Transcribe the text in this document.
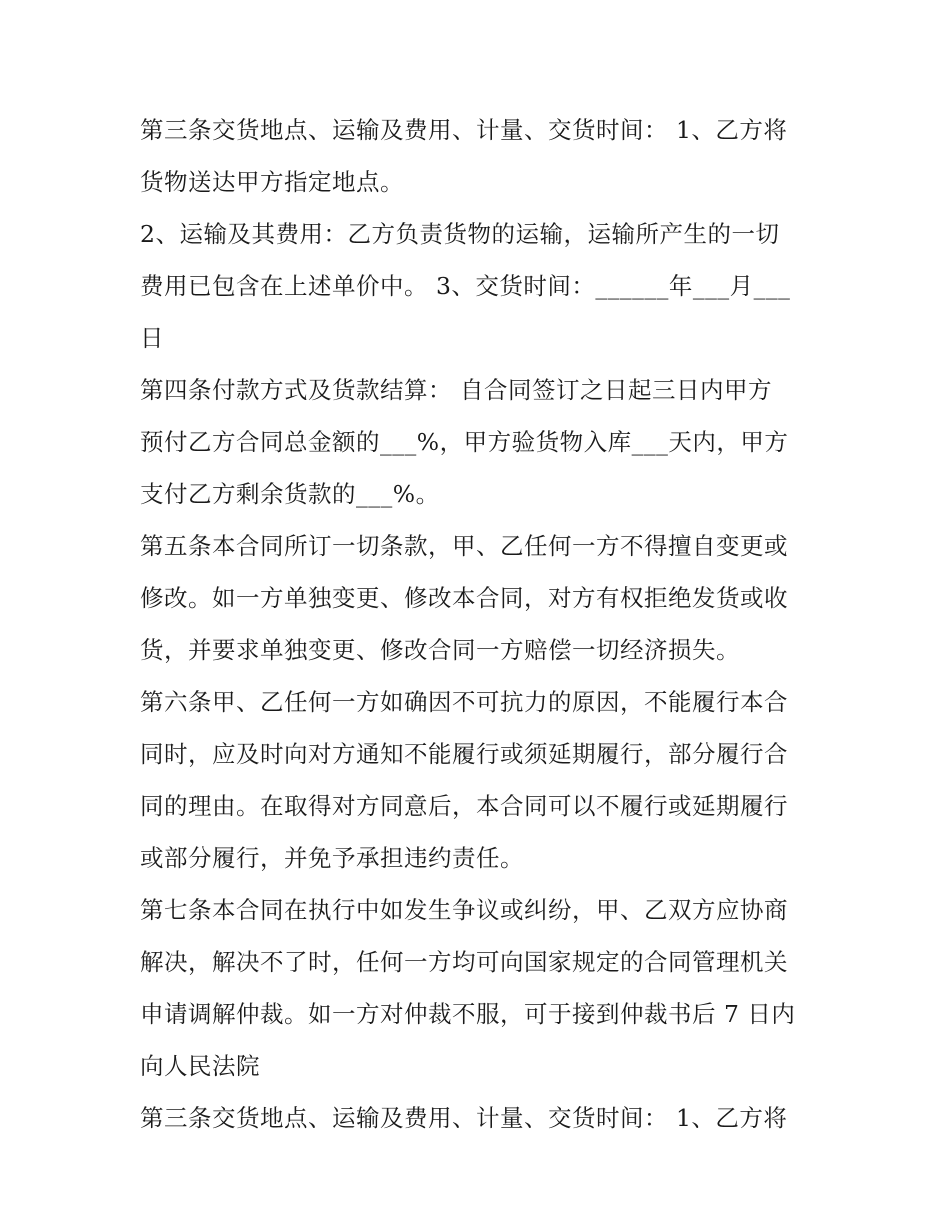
第三条交货地点、运输及费用、计量、交货时间： 1、乙方将
货物送达甲方指定地点。
2、运输及其费用：乙方负责货物的运输，运输所产生的一切
费用已包含在上述单价中。 3、交货时间：______年___月___
日
第四条付款方式及货款结算： 自合同签订之日起三日内甲方
预付乙方合同总金额的___%，甲方验货物入库___天内，甲方
支付乙方剩余货款的___%。
第五条本合同所订一切条款，甲、乙任何一方不得擅自变更或
修改。如一方单独变更、修改本合同，对方有权拒绝发货或收
货，并要求单独变更、修改合同一方赔偿一切经济损失。
第六条甲、乙任何一方如确因不可抗力的原因，不能履行本合
同时，应及时向对方通知不能履行或须延期履行，部分履行合
同的理由。在取得对方同意后，本合同可以不履行或延期履行
或部分履行，并免予承担违约责任。
第七条本合同在执行中如发生争议或纠纷，甲、乙双方应协商
解决，解决不了时，任何一方均可向国家规定的合同管理机关
申请调解仲裁。如一方对仲裁不服，可于接到仲裁书后 7 日内
向人民法院
第三条交货地点、运输及费用、计量、交货时间： 1、乙方将
